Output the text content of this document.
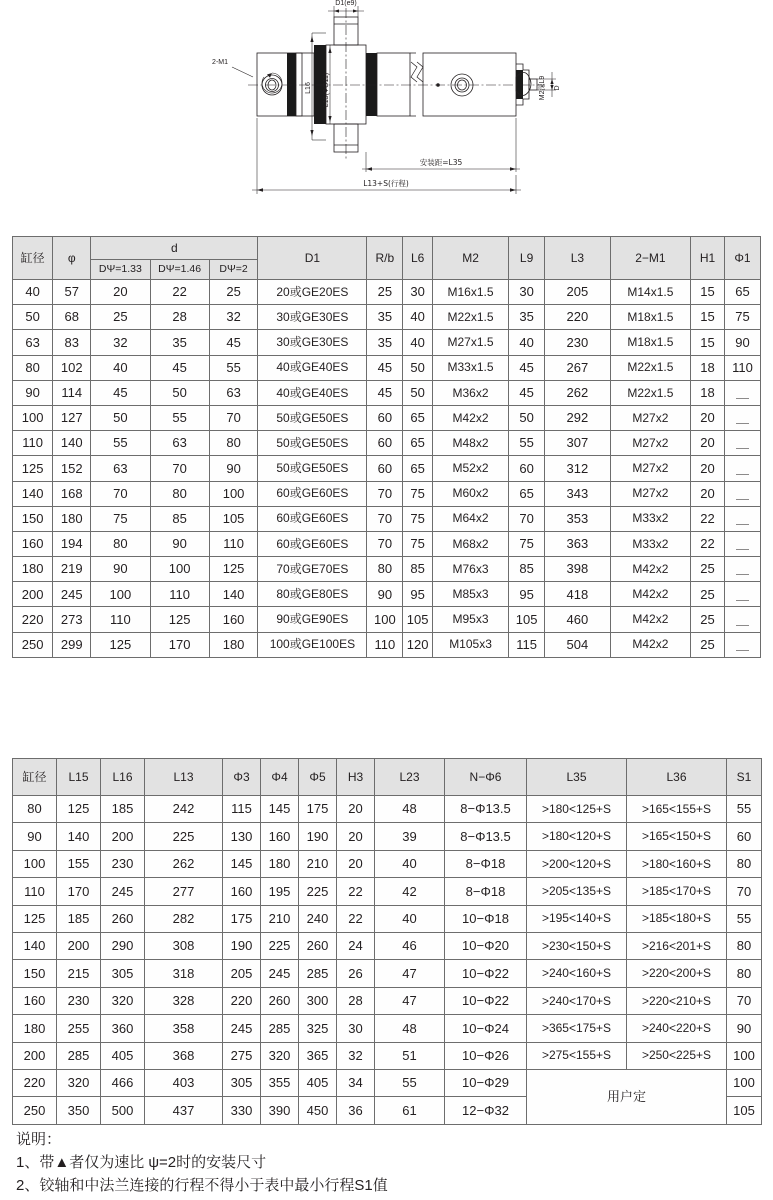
D1(e9)
2-M1
L16 L15(ФΟ11)	M2深L9 D
安装距=L35
L13+S(行程)
缸径	φ	d			D1	R/b	L6	M2	L9	L3	2−M1	H1	Φ1
		DΨ=1.33	DΨ=1.46	DΨ=2									
40	57	20	22	25	20或GE20ES	25	30	M16x1.5	30	205	M14x1.5	15	65
50	68	25	28	32	30或GE30ES	35	40	M22x1.5	35	220	M18x1.5	15	75
63	83	32	35	45	30或GE30ES	35	40	M27x1.5	40	230	M18x1.5	15	90
80	102	40	45	55	40或GE40ES	45	50	M33x1.5	45	267	M22x1.5	18	110
90	114	45	50	63	40或GE40ES	45	50	M36x2	45	262	M22x1.5	18	＿
100	127	50	55	70	50或GE50ES	60	65	M42x2	50	292	M27x2	20	＿
110	140	55	63	80	50或GE50ES	60	65	M48x2	55	307	M27x2	20	＿
125	152	63	70	90	50或GE50ES	60	65	M52x2	60	312	M27x2	20	＿
140	168	70	80	100	60或GE60ES	70	75	M60x2	65	343	M27x2	20	＿
150	180	75	85	105	60或GE60ES	70	75	M64x2	70	353	M33x2	22	＿
160	194	80	90	110	60或GE60ES	70	75	M68x2	75	363	M33x2	22	＿
180	219	90	100	125	70或GE70ES	80	85	M76x3	85	398	M42x2	25	＿
200	245	100	110	140	80或GE80ES	90	95	M85x3	95	418	M42x2	25	＿
220	273	110	125	160	90或GE90ES	100	105	M95x3	105	460	M42x2	25	＿
250	299	125	170	180	100或GE100ES	110	120	M105x3	115	504	M42x2	25	＿
缸径	L15	L16	L13	Φ3	Φ4	Φ5	H3	L23	N−Φ6	L35	L36	S1
80	125	185	242	115	145	175	20	48	8−Φ13.5	>180<125+S	>165<155+S	55
90	140	200	225	130	160	190	20	39	8−Φ13.5	>180<120+S	>165<150+S	60
100	155	230	262	145	180	210	20	40	8−Φ18	>200<120+S	>180<160+S	80
110	170	245	277	160	195	225	22	42	8−Φ18	>205<135+S	>185<170+S	70
125	185	260	282	175	210	240	22	40	10−Φ18	>195<140+S	>185<180+S	55
140	200	290	308	190	225	260	24	46	10−Φ20	>230<150+S	>216<201+S	80
150	215	305	318	205	245	285	26	47	10−Φ22	>240<160+S	>220<200+S	80
160	230	320	328	220	260	300	28	47	10−Φ22	>240<170+S	>220<210+S	70
180	255	360	358	245	285	325	30	48	10−Φ24	>365<175+S	>240<220+S	90
200	285	405	368	275	320	365	32	51	10−Φ26	>275<155+S	>250<225+S	100
220	320	466	403	305	355	405	34	55	10−Φ29	用户定		100
250	350	500	437	330	390	450	36	61	12−Φ32			105
说明：
1、带▲者仅为速比 ψ=2时的安装尺寸
2、铰轴和中法兰连接的行程不得小于表中最小行程S1值
